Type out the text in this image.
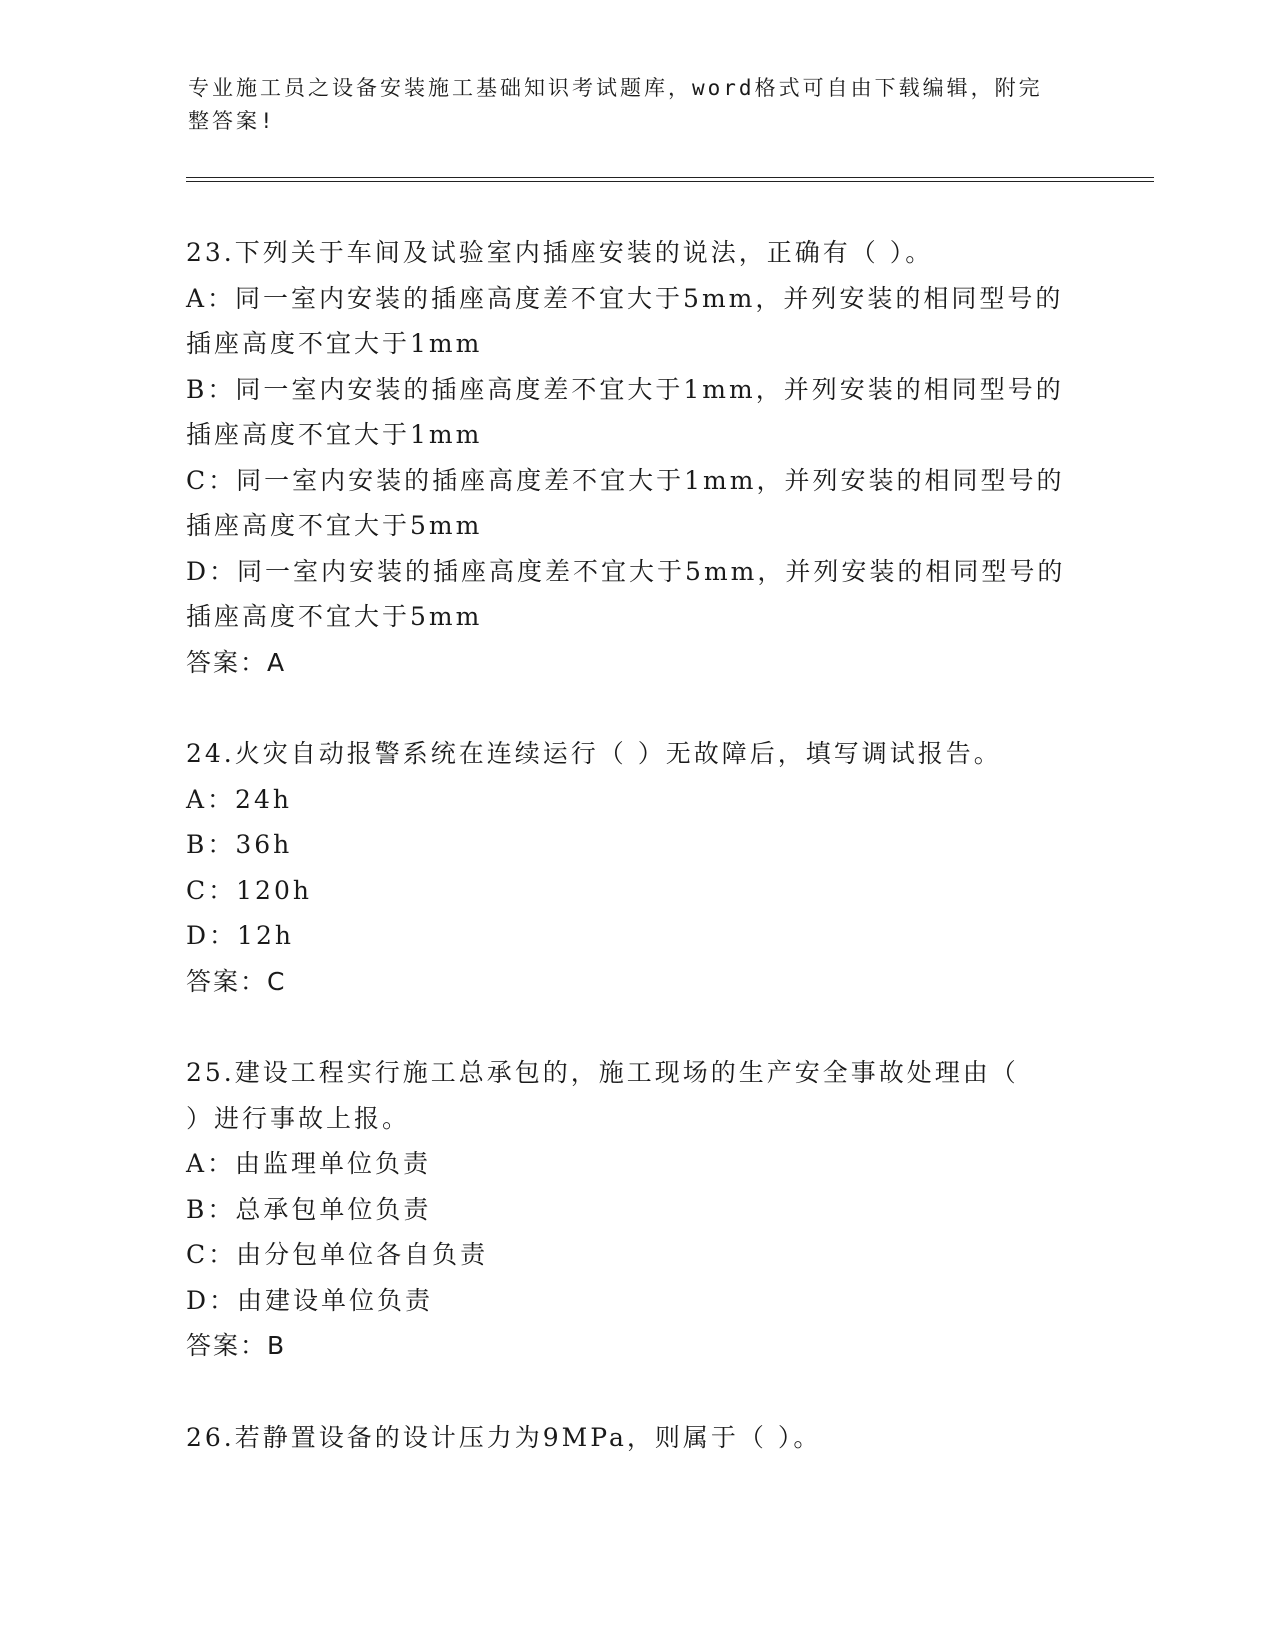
专业施工员之设备安装施工基础知识考试题库，word格式可自由下载编辑，附完
整答案!
23.下列关于车间及试验室内插座安装的说法，正确有（ ）。
A：同一室内安装的插座高度差不宜大于5mm，并列安装的相同型号的
插座高度不宜大于1mm
B：同一室内安装的插座高度差不宜大于1mm，并列安装的相同型号的
插座高度不宜大于1mm
C：同一室内安装的插座高度差不宜大于1mm，并列安装的相同型号的
插座高度不宜大于5mm
D：同一室内安装的插座高度差不宜大于5mm，并列安装的相同型号的
插座高度不宜大于5mm
答案：A
24.火灾自动报警系统在连续运行（ ）无故障后，填写调试报告。
A：24h
B：36h
C：120h
D：12h
答案：C
25.建设工程实行施工总承包的，施工现场的生产安全事故处理由（
）进行事故上报。
A：由监理单位负责
B：总承包单位负责
C：由分包单位各自负责
D：由建设单位负责
答案：B
26.若静置设备的设计压力为9MPa，则属于（ ）。
